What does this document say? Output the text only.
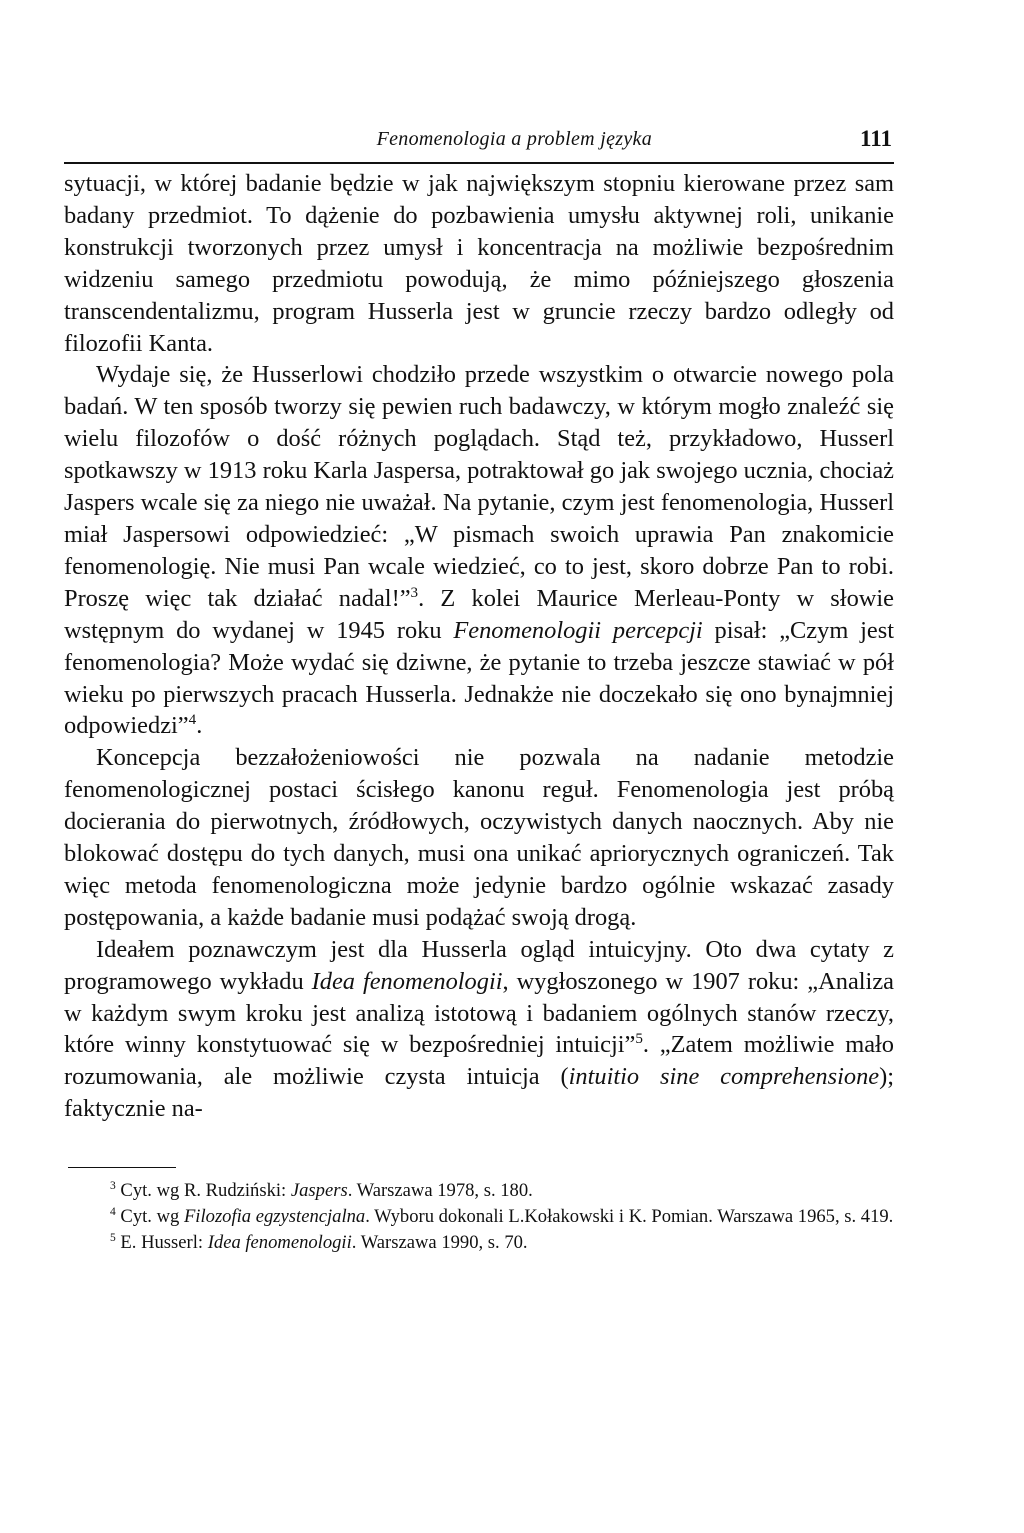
Fenomenologia a problem języka	111

sytuacji, w której badanie będzie w jak największym stopniu kierowane przez sam badany przedmiot. To dążenie do pozbawienia umysłu aktywnej roli, unikanie konstrukcji tworzonych przez umysł i koncentracja na możliwie bezpośrednim widzeniu samego przedmiotu powodują, że mimo późniejszego głoszenia transcendentalizmu, program Husserla jest w gruncie rzeczy bardzo odległy od filozofii Kanta.

Wydaje się, że Husserlowi chodziło przede wszystkim o otwarcie nowego pola badań. W ten sposób tworzy się pewien ruch badawczy, w którym mogło znaleźć się wielu filozofów o dość różnych poglądach. Stąd też, przykładowo, Husserl spotkawszy w 1913 roku Karla Jaspersa, potraktował go jak swojego ucznia, chociaż Jaspers wcale się za niego nie uważał. Na pytanie, czym jest fenomenologia, Husserl miał Jaspersowi odpowiedzieć: „W pismach swoich uprawia Pan znakomicie fenomenologię. Nie musi Pan wcale wiedzieć, co to jest, skoro dobrze Pan to robi. Proszę więc tak działać nadal!”$^3$. Z kolei Maurice Merleau-Ponty w słowie wstępnym do wydanej w 1945 roku Fenomenologii percepcji pisał: „Czym jest fenomenologia? Może wydać się dziwne, że pytanie to trzeba jeszcze stawiać w pół wieku po pierwszych pracach Husserla. Jednakże nie doczekało się ono bynajmniej odpowiedzi”$^4$.

Koncepcja bezzałożeniowości nie pozwala na nadanie metodzie fenomenologicznej postaci ścisłego kanonu reguł. Fenomenologia jest próbą docierania do pierwotnych, źródłowych, oczywistych danych naocznych. Aby nie blokować dostępu do tych danych, musi ona unikać apriorycznych ograniczeń. Tak więc metoda fenomenologiczna może jedynie bardzo ogólnie wskazać zasady postępowania, a każde badanie musi podążać swoją drogą.

Ideałem poznawczym jest dla Husserla ogląd intuicyjny. Oto dwa cytaty z programowego wykładu Idea fenomenologii, wygłoszonego w 1907 roku: „Analiza w każdym swym kroku jest analizą istotową i badaniem ogólnych stanów rzeczy, które winny konstytuować się w bezpośredniej intuicji”$^5$. „Zatem możliwie mało rozumowania, ale możliwie czysta intuicja (intuitio sine comprehensione); faktycznie na-

$^3$ Cyt. wg R. Rudziński: Jaspers. Warszawa 1978, s. 180.

$^4$ Cyt. wg Filozofia egzystencjalna. Wyboru dokonali L.Kołakowski i K. Pomian. Warszawa 1965, s. 419.

$^5$ E. Husserl: Idea fenomenologii. Warszawa 1990, s. 70.
